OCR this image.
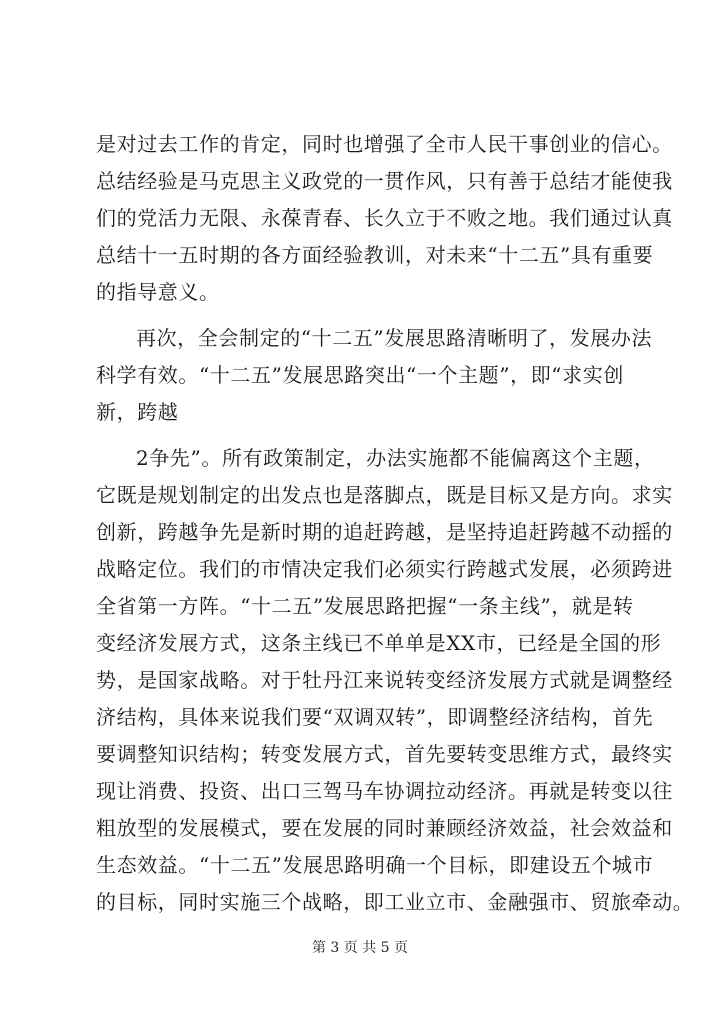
是对过去工作的肯定，同时也增强了全市人民干事创业的信心。
总结经验是马克思主义政党的一贯作风，只有善于总结才能使我
们的党活力无限、永葆青春、长久立于不败之地。我们通过认真
总结十一五时期的各方面经验教训，对未来“十二五”具有重要
的指导意义。
再次，全会制定的“十二五”发展思路清晰明了，发展办法
科学有效。“十二五”发展思路突出“一个主题”，即“求实创
新，跨越
2争先”。所有政策制定，办法实施都不能偏离这个主题，
它既是规划制定的出发点也是落脚点，既是目标又是方向。求实
创新，跨越争先是新时期的追赶跨越，是坚持追赶跨越不动摇的
战略定位。我们的市情决定我们必须实行跨越式发展，必须跨进
全省第一方阵。“十二五”发展思路把握“一条主线”，就是转
变经济发展方式，这条主线已不单单是XX市，已经是全国的形
势，是国家战略。对于牡丹江来说转变经济发展方式就是调整经
济结构，具体来说我们要“双调双转”，即调整经济结构，首先
要调整知识结构；转变发展方式，首先要转变思维方式，最终实
现让消费、投资、出口三驾马车协调拉动经济。再就是转变以往
粗放型的发展模式，要在发展的同时兼顾经济效益，社会效益和
生态效益。“十二五”发展思路明确一个目标，即建设五个城市
的目标，同时实施三个战略，即工业立市、金融强市、贸旅牵动。
第 3 页 共 5 页
